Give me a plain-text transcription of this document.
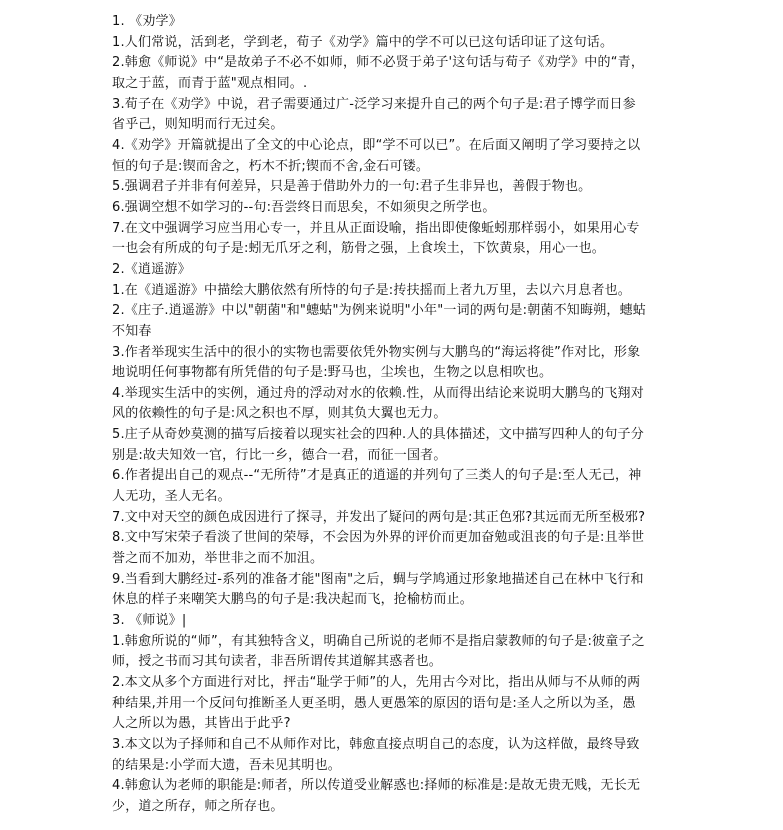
1. 《劝学》
1.人们常说，活到老，学到老，荀子《劝学》篇中的学不可以已这句话印证了这句话。
2.韩愈《师说》中“是故弟子不必不如师，师不必贤于弟子'这句话与荀子《劝学》中的“青，
取之于蓝，而青于蓝"观点相同。.
3.荀子在《劝学》中说，君子需要通过广-泛学习来提升自己的两个句子是:君子博学而日参
省乎己，则知明而行无过矣。
4.《劝学》开篇就提出了全文的中心论点，即“学不可以已”。在后面又阐明了学习要持之以
恒的句子是:锲而舍之，朽木不折;锲而不舍,金石可镂。
5.强调君子并非有何差异，只是善于借助外力的一句:君子生非异也，善假于物也。
6.强调空想不如学习的--句:吾尝终日而思矣，不如须臾之所学也。
7.在文中强调学习应当用心专一，并且从正面设喻，指出即使像蚯蚓那样弱小，如果用心专
一也会有所成的句子是:蚓无爪牙之利，筋骨之强，上食埃土，下饮黄泉，用心一也。
2.《逍遥游》
1.在《逍遥游》中描绘大鹏依然有所恃的句子是:抟扶摇而上者九万里，去以六月息者也。
2.《庄子.逍遥游》中以"朝菌"和"蟪蛄"为例来说明"小年"一词的两句是:朝菌不知晦朔，蟪蛄
不知春
3.作者举现实生活中的很小的实物也需要依凭外物实例与大鹏鸟的“海运将徙”作对比，形象
地说明任何事物都有所凭借的句子是:野马也，尘埃也，生物之以息相吹也。
4.举现实生活中的实例，通过舟的浮动对水的依赖.性，从而得出结论来说明大鹏鸟的飞翔对
风的依赖性的句子是:风之积也不厚，则其负大翼也无力。
5.庄子从奇妙莫测的描写后接着以现实社会的四种.人的具体描述，文中描写四种人的句子分
别是:故夫知效一官，行比一乡，德合一君，而征一国者。
6.作者提出自己的观点--“无所待”才是真正的逍遥的并列句了三类人的句子是:至人无己，神
人无功，圣人无名。
7.文中对天空的颜色成因进行了探寻，并发出了疑问的两句是:其正色邪?其远而无所至极邪?
8.文中写宋荣子看淡了世间的荣辱，不会因为外界的评价而更加奋勉或沮丧的句子是:且举世
誉之而不加劝，举世非之而不加沮。
9.当看到大鹏经过-系列的准备才能"图南"之后，蜩与学鸠通过形象地描述自己在林中飞行和
休息的样子来嘲笑大鹏鸟的句子是:我决起而飞，抢榆枋而止。
3. 《师说》|
1.韩愈所说的“师”，有其独特含义，明确自己所说的老师不是指启蒙教师的句子是:彼童子之
师，授之书而习其句读者，非吾所谓传其道解其惑者也。
2.本文从多个方面进行对比，抨击“耻学于师”的人，先用古今对比，指出从师与不从师的两
种结果,并用一个反问句推断圣人更圣明，愚人更愚笨的原因的语句是:圣人之所以为圣，愚
人之所以为愚，其皆出于此乎?
3.本文以为子择师和自己不从师作对比，韩愈直接点明自己的态度，认为这样做，最终导致
的结果是:小学而大遗，吾未见其明也。
4.韩愈认为老师的职能是:师者，所以传道受业解惑也:择师的标准是:是故无贵无贱，无长无
少，道之所存，师之所存也。
